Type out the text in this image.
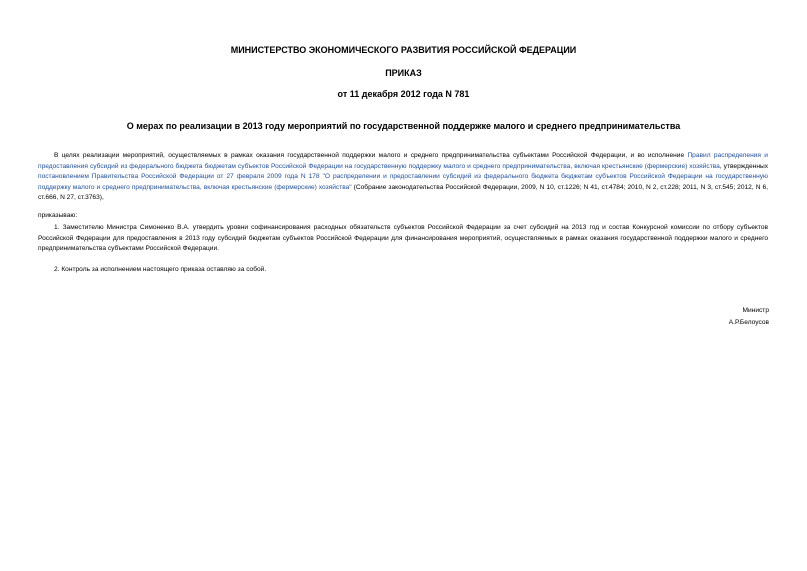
МИНИСТЕРСТВО ЭКОНОМИЧЕСКОГО РАЗВИТИЯ РОССИЙСКОЙ ФЕДЕРАЦИИ
ПРИКАЗ
от 11 декабря 2012 года N 781
О мерах по реализации в 2013 году мероприятий по государственной поддержке малого и среднего предпринимательства
В целях реализации мероприятий, осуществляемых в рамках оказания государственной поддержки малого и среднего предпринимательства субъектами Российской Федерации, и во исполнение Правил распределения и предоставления субсидий из федерального бюджета бюджетам субъектов Российской Федерации на государственную поддержку малого и среднего предпринимательства, включая крестьянские (фермерские) хозяйства, утвержденных постановлением Правительства Российской Федерации от 27 февраля 2009 года N 178 "О распределении и предоставлении субсидий из федерального бюджета бюджетам субъектов Российской Федерации на государственную поддержку малого и среднего предпринимательства, включая крестьянские (фермерские) хозяйства" (Собрание законодательства Российской Федерации, 2009, N 10, ст.1226; N 41, ст.4784; 2010, N 2, ст.228; 2011, N 3, ст.545; 2012, N 6, ст.666, N 27, ст.3763),
приказываю:
1. Заместителю Министра Симоненко В.А. утвердить уровни софинансирования расходных обязательств субъектов Российской Федерации за счет субсидий на 2013 год и состав Конкурсной комиссии по отбору субъектов Российской Федерации для предоставления в 2013 году субсидий бюджетам субъектов Российской Федерации для финансирования мероприятий, осуществляемых в рамках оказания государственной поддержки малого и среднего предпринимательства субъектами Российской Федерации.
2. Контроль за исполнением настоящего приказа оставляю за собой.
Министр
А.Р.Белоусов
